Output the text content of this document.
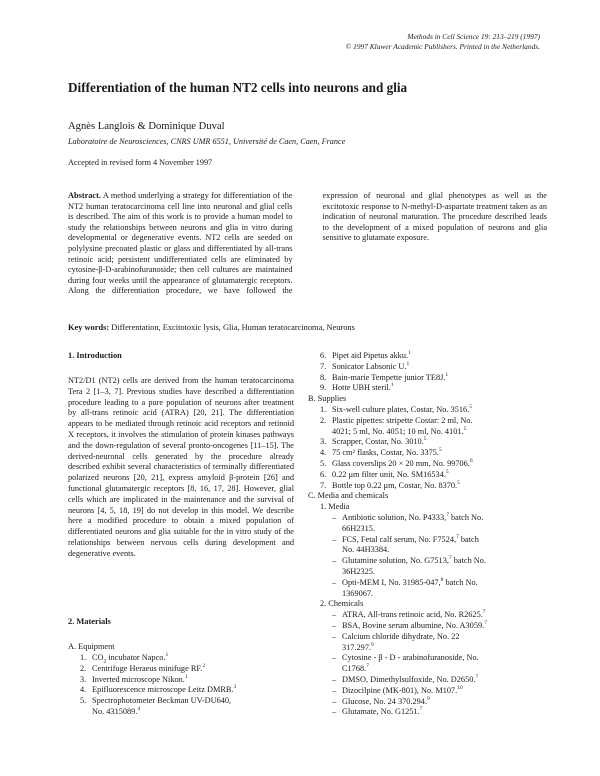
Methods in Cell Science 19: 213–219 (1997)
© 1997 Kluwer Academic Publishers. Printed in the Netherlands.
Differentiation of the human NT2 cells into neurons and glia
Agnès Langlois & Dominique Duval
Laboratoire de Neurosciences, CNRS UMR 6551, Université de Caen, Caen, France
Accepted in revised form 4 November 1997
Abstract. A method underlying a strategy for differentiation of the NT2 human teratocarcinoma cell line into neuronal and glial cells is described. The aim of this work is to provide a human model to study the relationships between neurons and glia in vitro during developmental or degenerative events. NT2 cells are seeded on polylysine precoated plastic or glass and differentiated by all-trans retinoic acid; persistent undifferentiated cells are eliminated by cytosine-β-D-arabinofuranoside; then cell cultures are maintained during four weeks until the appearance of glutamatergic receptors. Along the differentiation procedure, we have followed the expression of neuronal and glial phenotypes as well as the excitotoxic response to N-methyl-D-aspartate treatment taken as an indication of neuronal maturation. The procedure described leads to the development of a mixed population of neurons and glia sensitive to glutamate exposure.
Key words: Differentation, Excitotoxic lysis, Glia, Human teratocarcinoma, Neurons
1. Introduction
NT2/D1 (NT2) cells are derived from the human teratocarcinoma Tera 2 [1–3, 7]. Previous studies have described a differentiation procedure leading to a pure population of neurons after treatment by all-trans retinoic acid (ATRA) [20, 21]. The differentiation appears to be mediated through retinoic acid receptors and retinoid X receptors, it involves the stimulation of protein kinases pathways and the down-regulation of several pronto-oncogenes [11–15]. The derived-neuronal cells generated by the procedure already described exhibit several characteristics of terminally differentiated polarized neurons [20, 21], express amyloid β-protein [26] and functional glutamatergic receptors [8, 16, 17, 28]. However, glial cells which are implicated in the maintenance and the survival of neurons [4, 5, 18, 19] do not develop in this model. We describe here a modified procedure to obtain a mixed population of differentiated neurons and glia suitable for the in vitro study of the relationships between nervous cells during development and degenerative events.
2. Materials
A. Equipment
1. $CO_2$ incubator Napco.$^1$
2. Centrifuge Heraeus minifuge RF.$^2$
3. Inverted microscope Nikon.$^1$
4. Epifluorescence microscope Leitz DMRB.$^3$
5. Spectrophotometer Beckman UV-DU640,
No. 4315089.$^4$
6. Pipet aid Pipetus akku.$^1$
7. Sonicator Labsonic U.$^1$
8. Bain-marie Tempette junior TE8J.$^1$
9. Hotte UBH steril.$^1$
B. Supplies
1. Six-well culture plates, Costar, No. 3516.$^5$
2. Plastic pipettes: stripette Costar: 2 ml, No.
4021; 5 ml, No. 4051; 10 ml, No. 4101.$^5$
3. Scrapper, Costar, No. 3010.$^5$
4. 75 cm² flasks, Costar, No. 3375.$^5$
5. Glass coverslips 20 × 20 mm, No. 99706.$^6$
6. 0.22 μm filter unit, No. SM16534.$^5$
7. Bottle top 0.22 μm, Costar, No. 8370.$^5$
C. Media and chemicals
1. Media
– Antibiotic solution, No. P4333,$^7$ batch No.
66H2315.
– FCS, Fetal calf serum, No. F7524,$^7$ batch
No. 44H3384.
– Glutamine solution, No. G7513,$^7$ batch No.
36H2325.
– Opti-MEM I, No. 31985-047,$^8$ batch No.
1369067.
2. Chemicals
– ATRA, All-trans retinoic acid, No. R2625.$^7$
– BSA, Bovine serum albumine, No. A3059.$^7$
– Calcium chloride dihydrate, No. 22
317.297.$^9$
– Cytosine - β - D - arabinofuranoside, No.
C1768.$^7$
– DMSO, Dimethylsulfoxide, No. D2650.$^7$
– Dizocilpine (MK-801), No. M107.10
– Glucose, No. 24 370.294.$^9$
– Glutamate, No. G1251.$^7$
